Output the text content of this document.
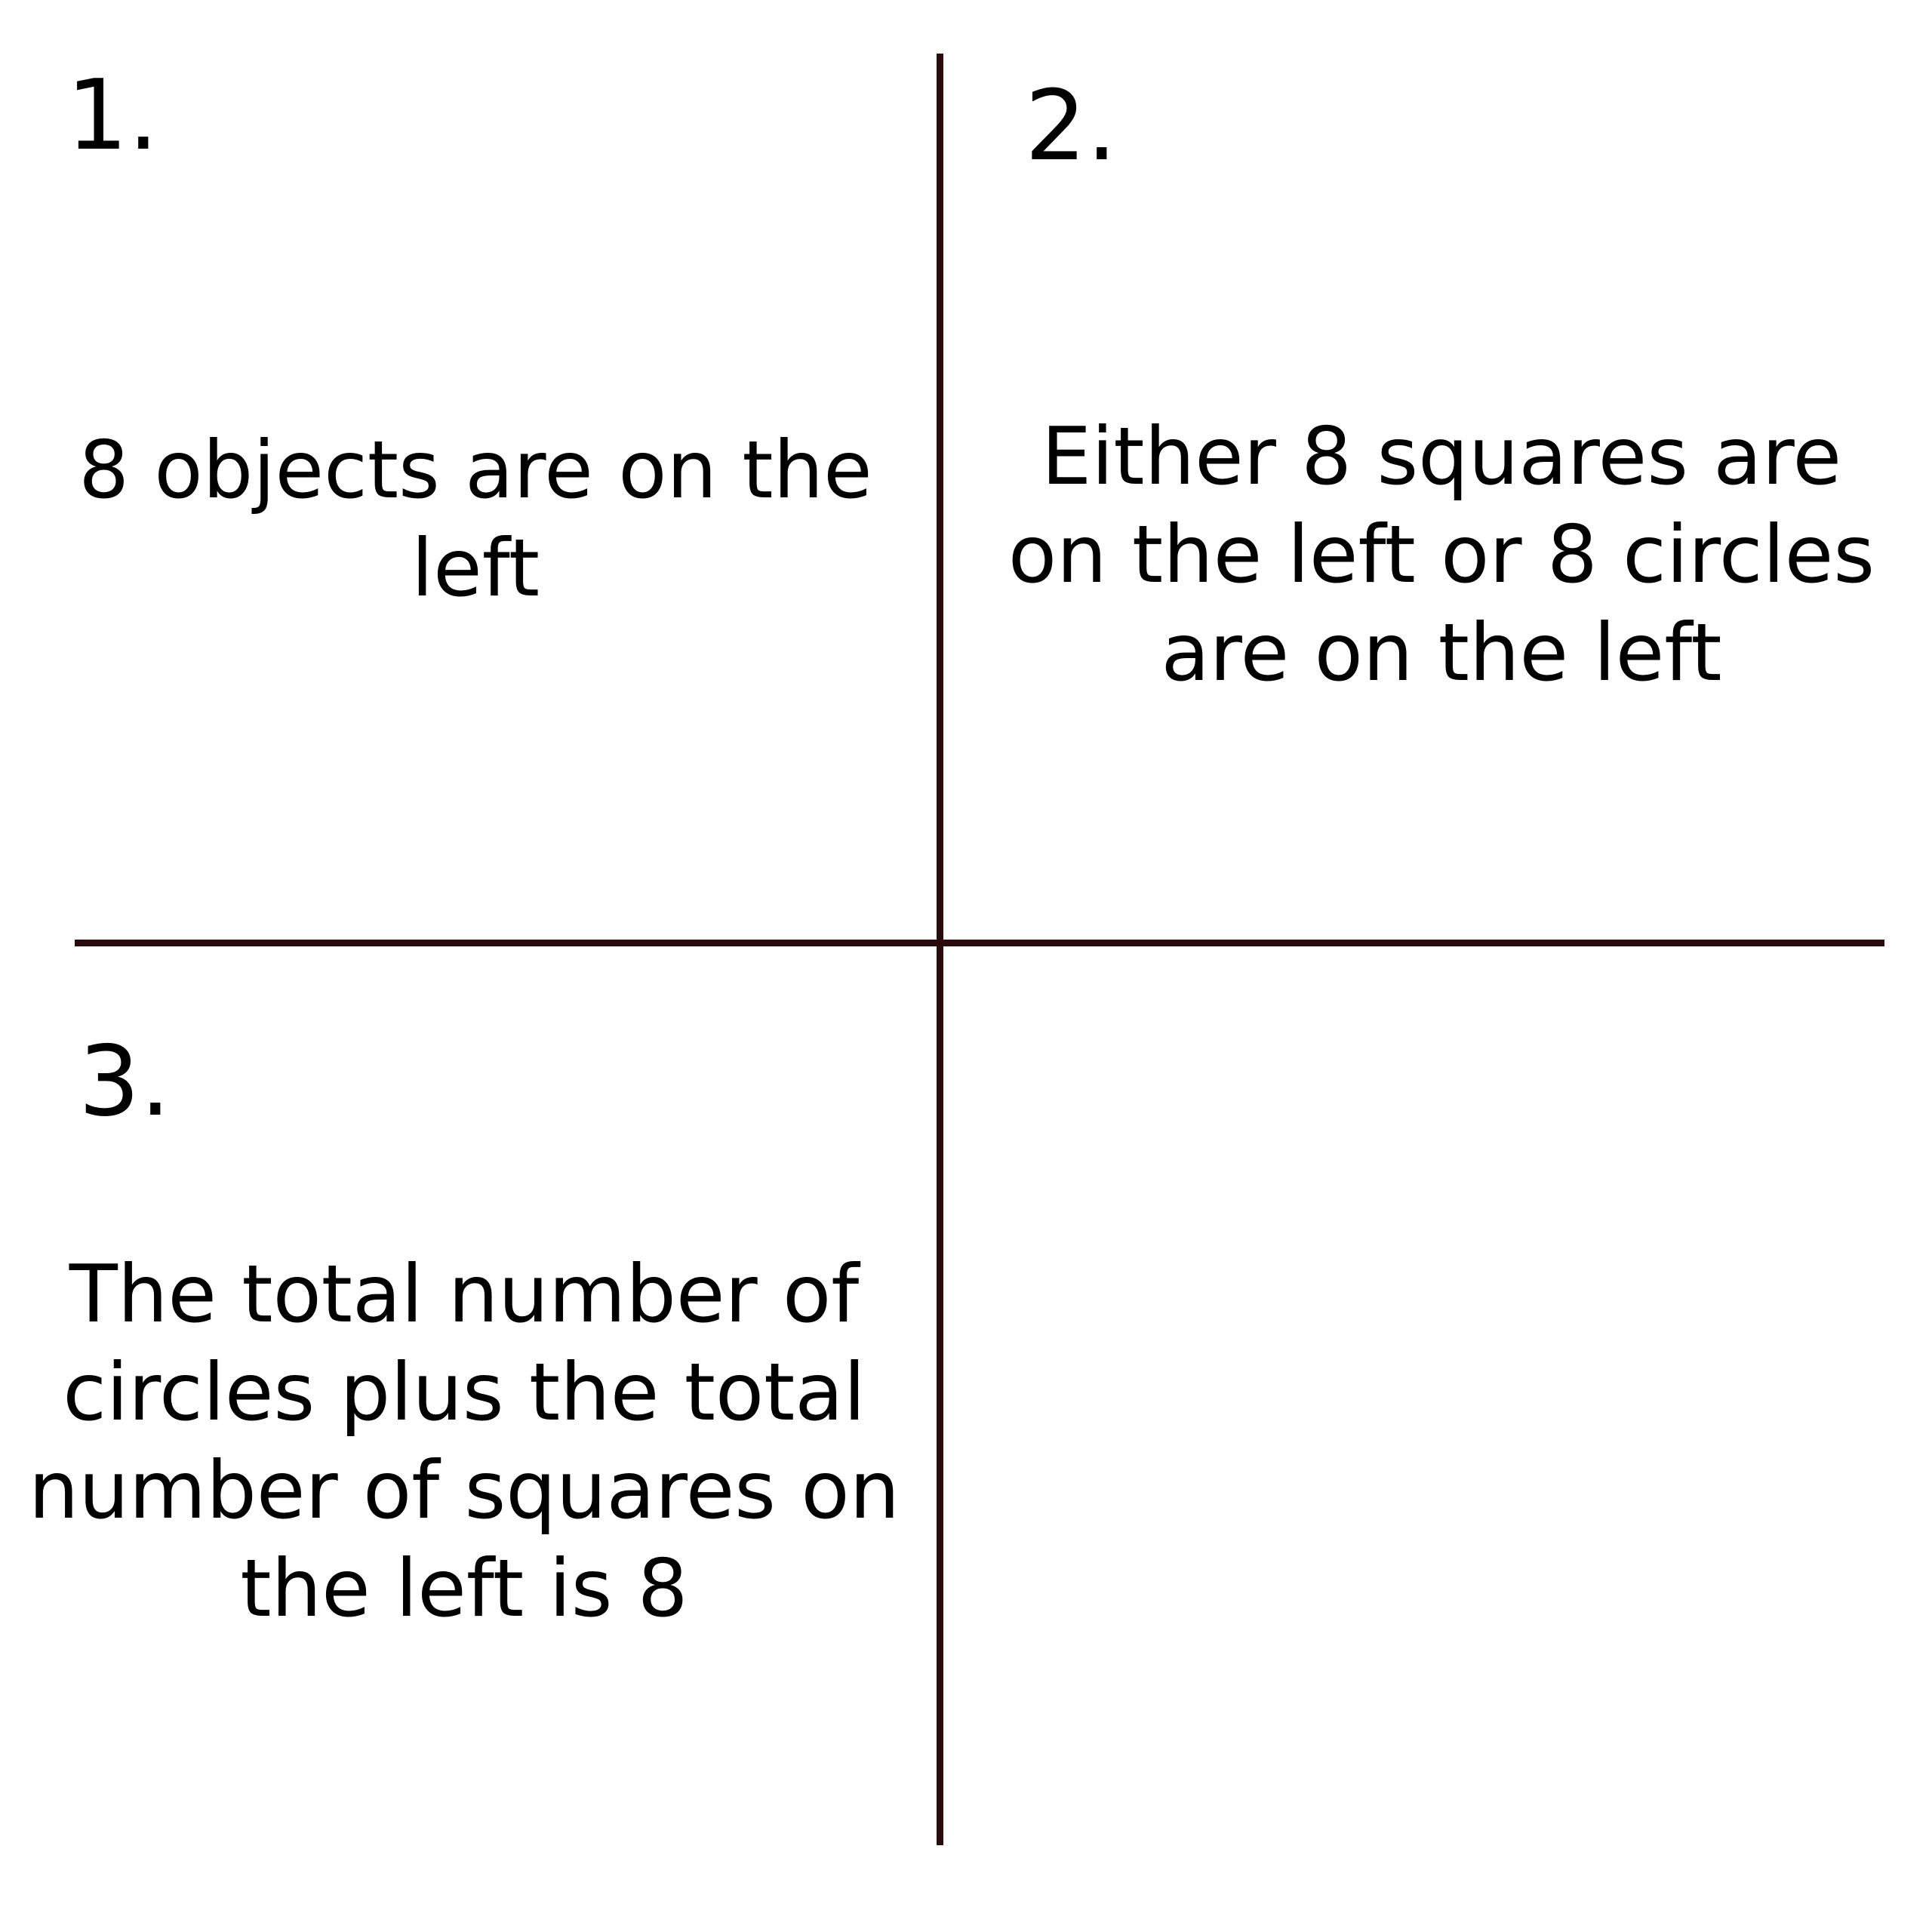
1.
8 objects are on the left
2.
Either 8 squares are on the left or 8 circles are on the left
3.
The total number of circles plus the total number of squares on the left is 8
